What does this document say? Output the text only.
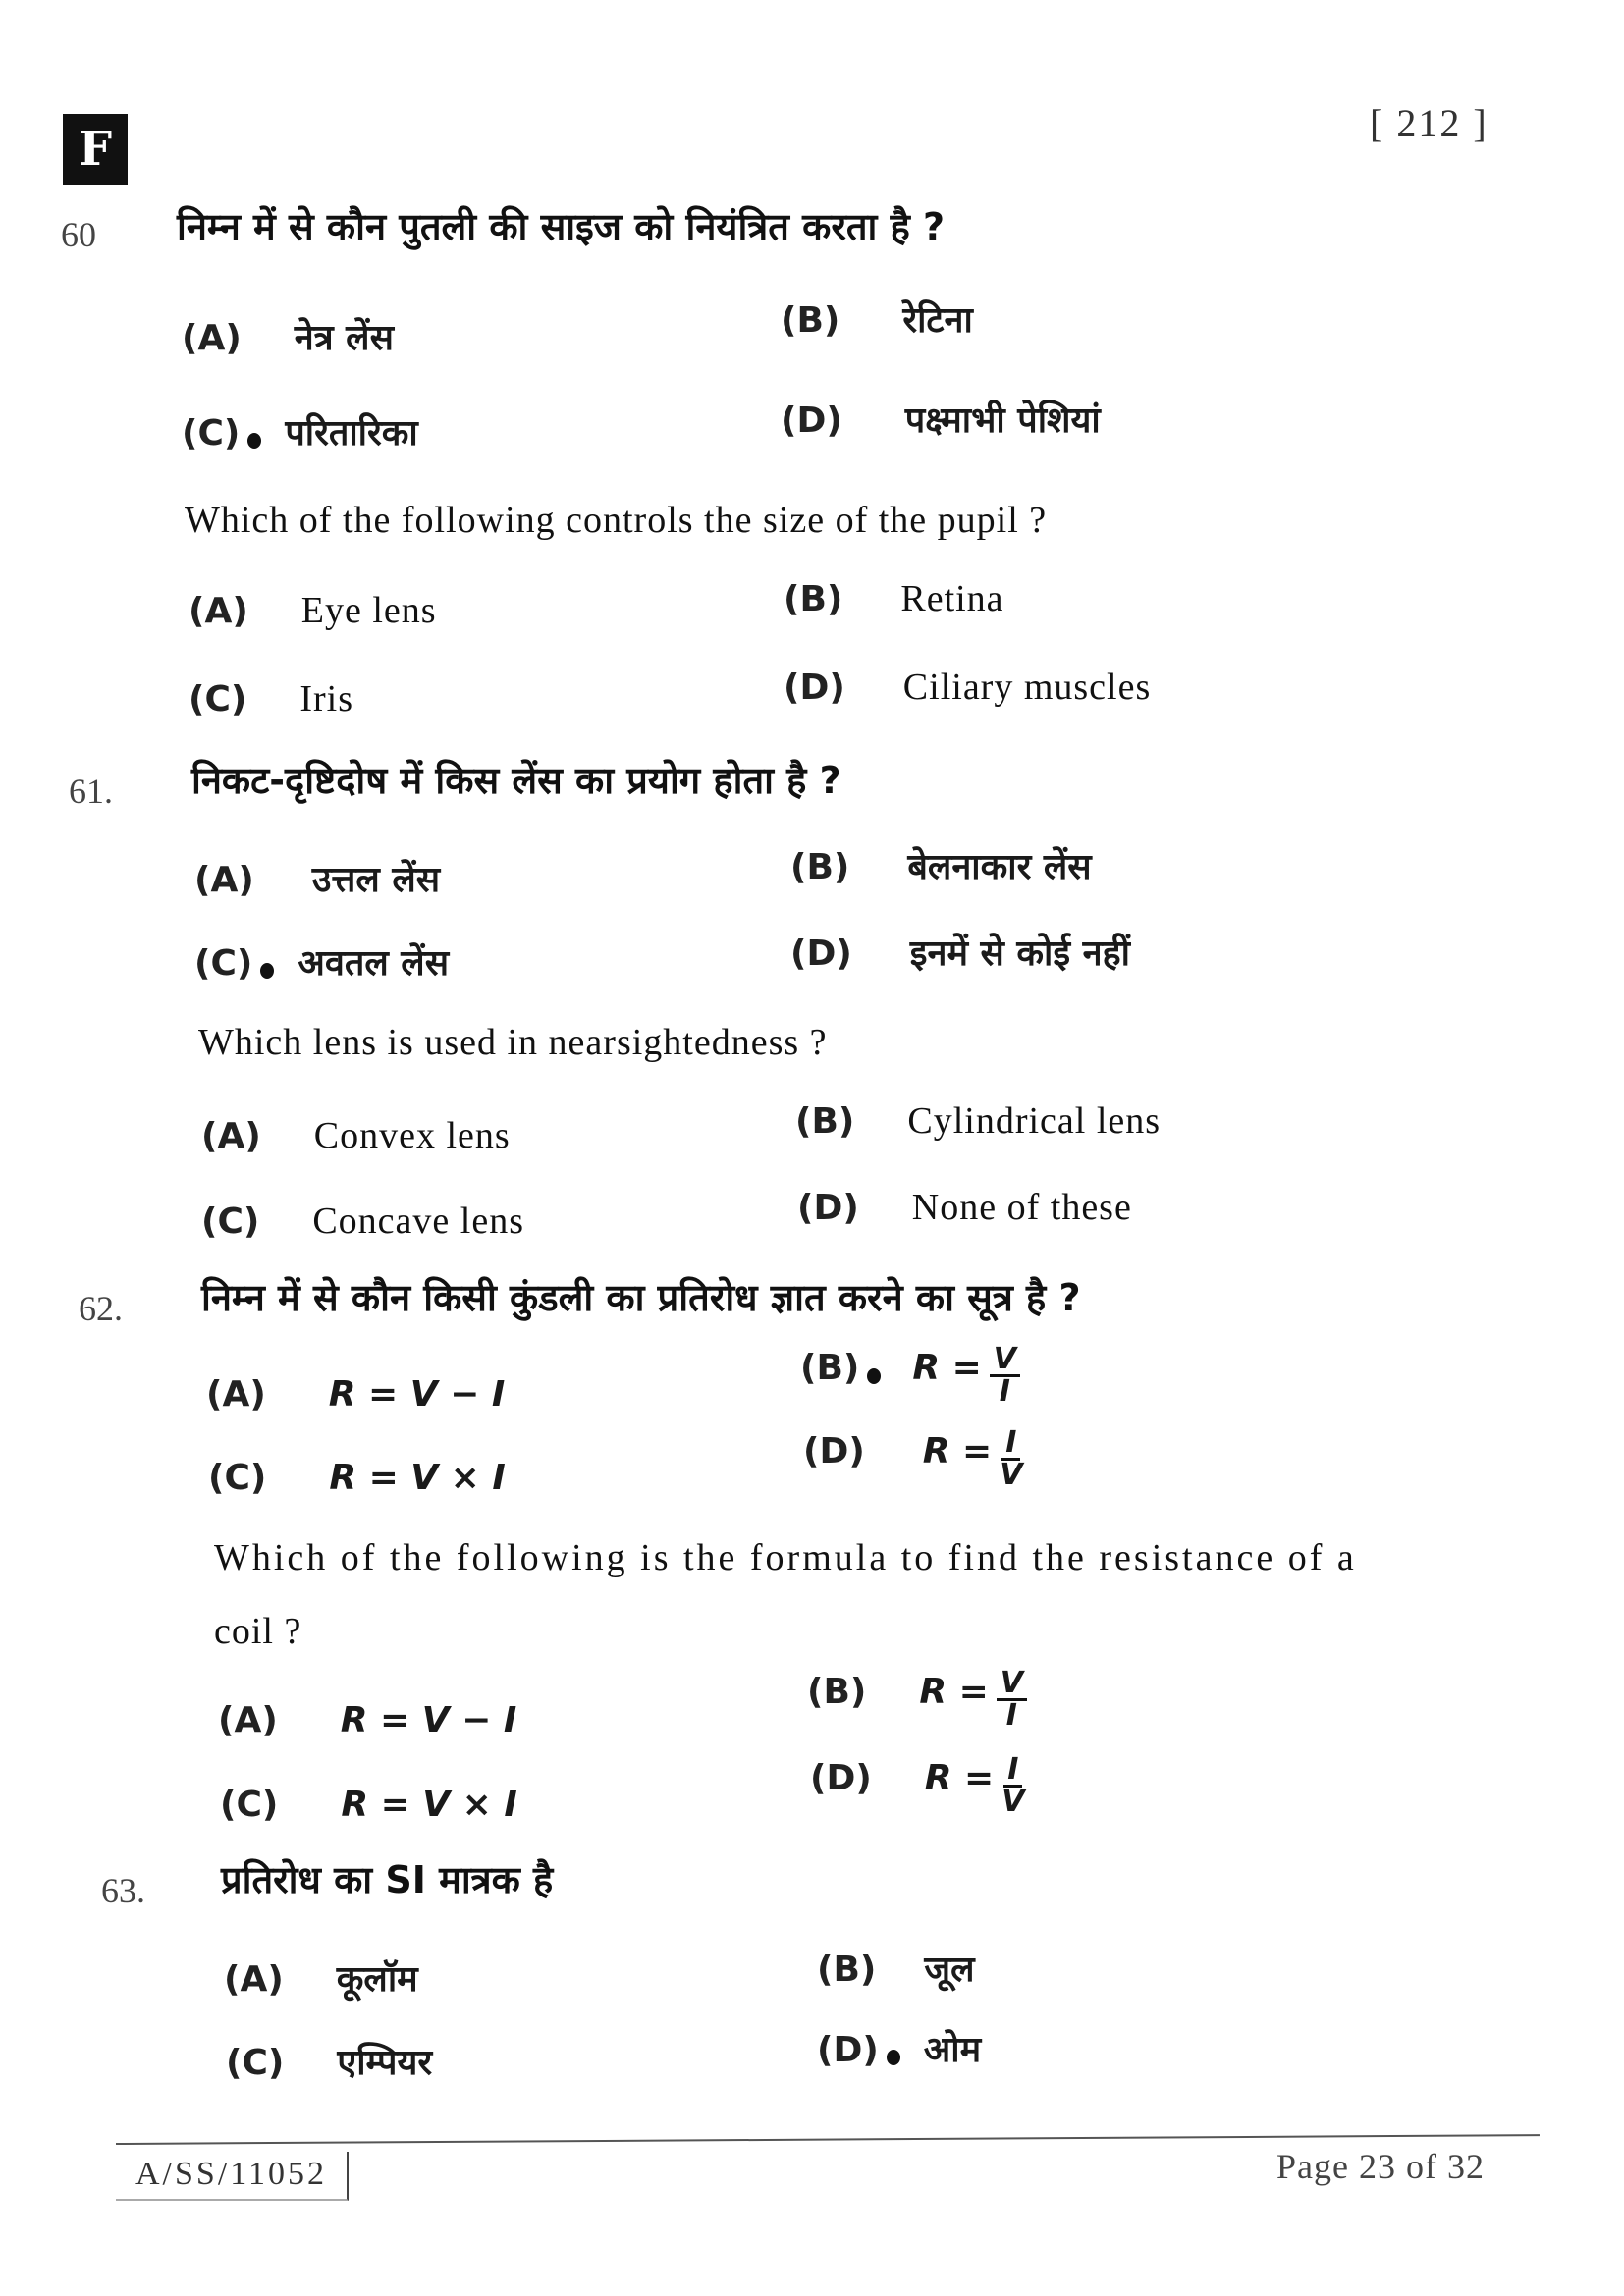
F	[ 212 ]
60 निम्न में से कौन पुतली की साइज को नियंत्रित करता है ?
(A) नेत्र लेंस	(B) रेटिना
(C) परितारिका	(D) पक्ष्माभी पेशियां
Which of the following controls the size of the pupil ?
(A) Eye lens	(B) Retina
(C) Iris	(D) Ciliary muscles
61. निकट-दृष्टिदोष में किस लेंस का प्रयोग होता है ?
(A) उत्तल लेंस	(B) बेलनाकार लेंस
(C) अवतल लेंस	(D) इनमें से कोई नहीं
Which lens is used in nearsightedness ?
(A) Convex lens	(B) Cylindrical lens
(C) Concave lens	(D) None of these
62. निम्न में से कौन किसी कुंडली का प्रतिरोध ज्ञात करने का सूत्र है ?
(A) R = V − I
(B) $R = \frac{V}{I}$
(C) R = V × I
(D) $R = \frac{I}{V}$
Which of the following is the formula to find the resistance of a
coil ?
(A) R = V − I
(B) $R = \frac{V}{I}$
(C) R = V × I
(D) $R = \frac{I}{V}$
63. प्रतिरोध का SI मात्रक है
(A) कूलॉम	(B) जूल
(C) एम्पियर	(D) ओम
A/SS/11052	Page 23 of 32
